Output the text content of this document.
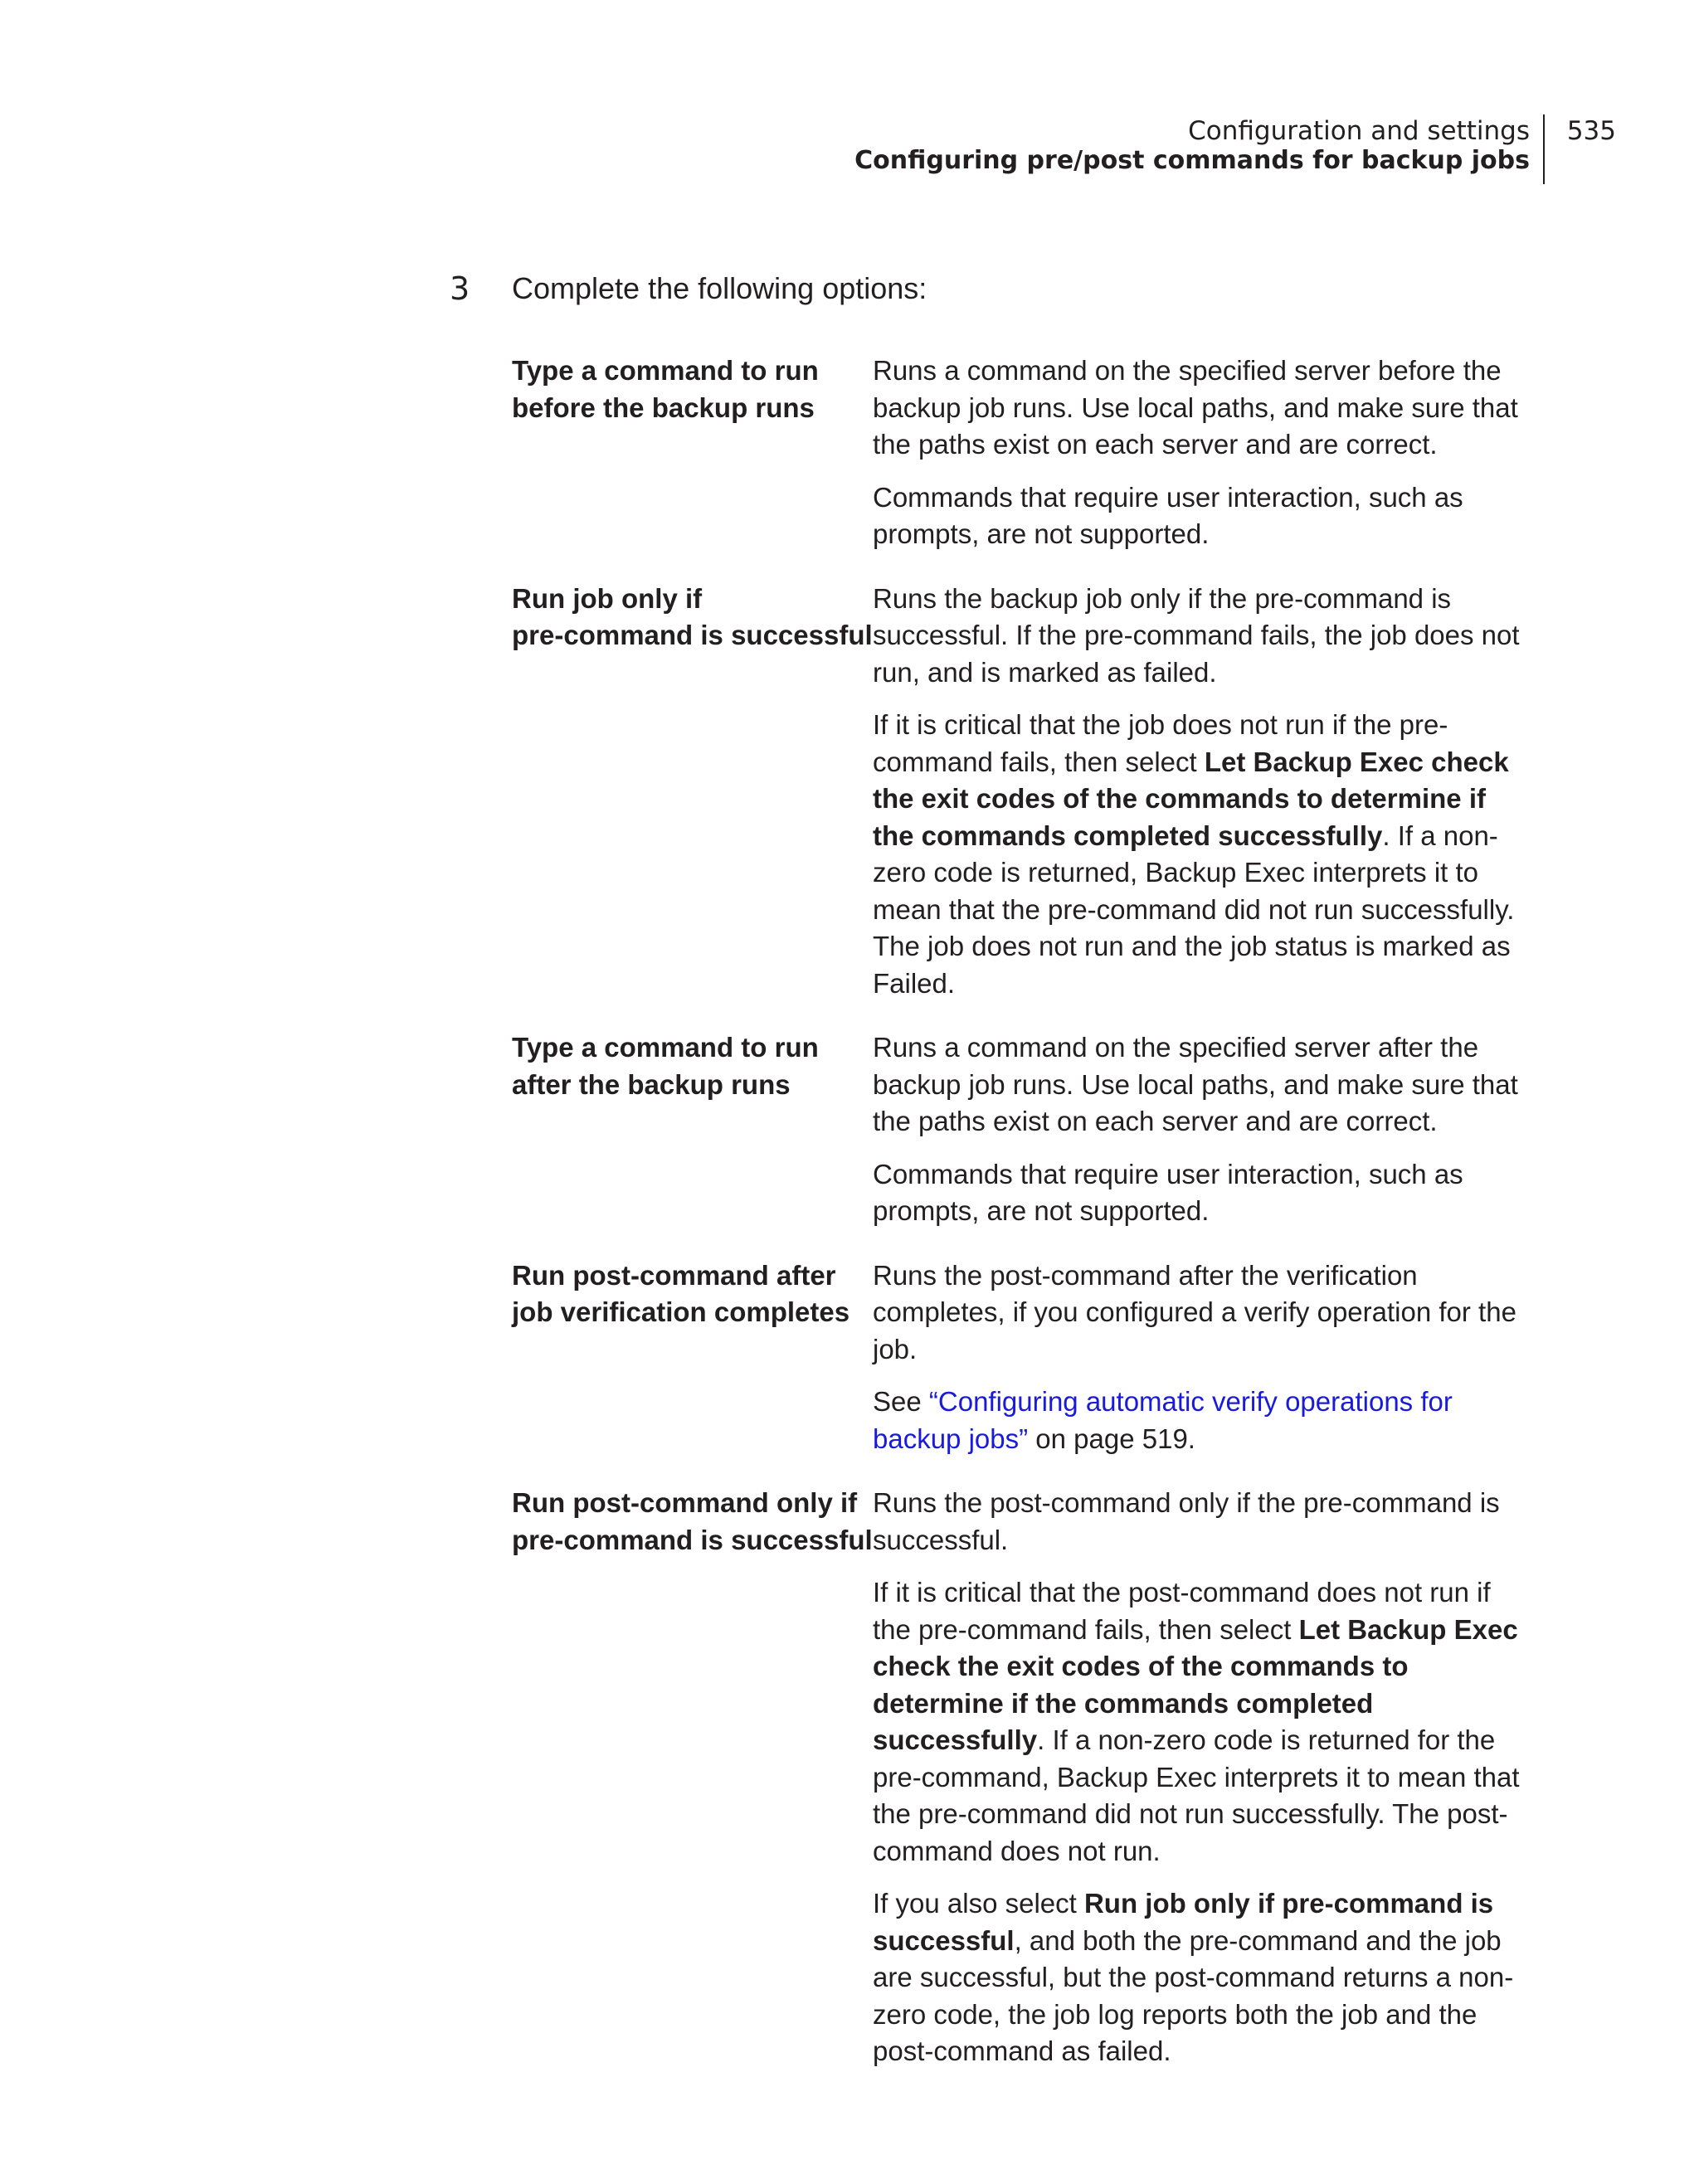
Configuration and settings
Configuring pre/post commands for backup jobs
535
3 Complete the following options:
Type a command to run
before the backup runs

Runs a command on the specified server before the backup job runs. Use local paths, and make sure that the paths exist on each server and are correct.

Commands that require user interaction, such as prompts, are not supported.

Run job only if
pre-command is successful

Runs the backup job only if the pre-command is successful. If the pre-command fails, the job does not run, and is marked as failed.

If it is critical that the job does not run if the pre-command fails, then select Let Backup Exec check the exit codes of the commands to determine if the commands completed successfully. If a non-zero code is returned, Backup Exec interprets it to mean that the pre-command did not run successfully. The job does not run and the job status is marked as Failed.

Type a command to run
after the backup runs

Runs a command on the specified server after the backup job runs. Use local paths, and make sure that the paths exist on each server and are correct.

Commands that require user interaction, such as prompts, are not supported.

Run post-command after
job verification completes

Runs the post-command after the verification completes, if you configured a verify operation for the job.

See “Configuring automatic verify operations for backup jobs” on page 519.

Run post-command only if
pre-command is successful

Runs the post-command only if the pre-command is successful.

If it is critical that the post-command does not run if the pre-command fails, then select Let Backup Exec check the exit codes of the commands to determine if the commands completed successfully. If a non-zero code is returned for the pre-command, Backup Exec interprets it to mean that the pre-command did not run successfully. The post-command does not run.

If you also select Run job only if pre-command is successful, and both the pre-command and the job are successful, but the post-command returns a non-zero code, the job log reports both the job and the post-command as failed.
